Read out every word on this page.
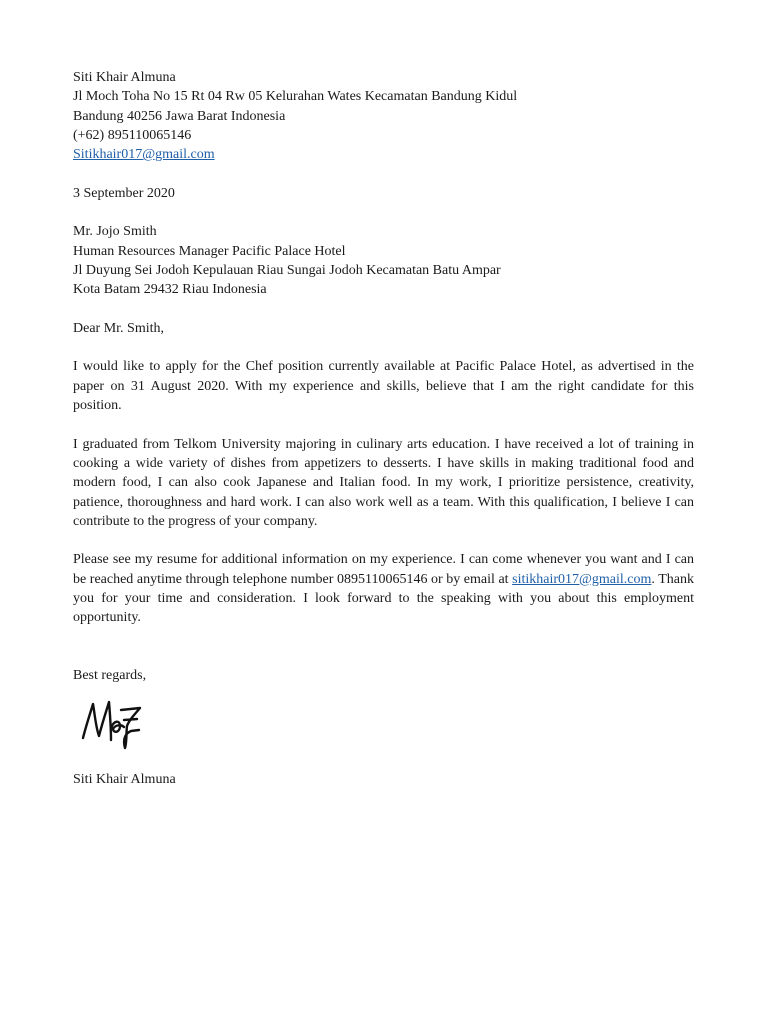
Siti Khair Almuna
Jl Moch Toha No 15 Rt 04 Rw 05 Kelurahan Wates Kecamatan Bandung Kidul
Bandung 40256 Jawa Barat Indonesia
(+62) 895110065146
Sitikhair017@gmail.com
3 September 2020
Mr. Jojo Smith
Human Resources Manager Pacific Palace Hotel
Jl Duyung Sei Jodoh Kepulauan Riau Sungai Jodoh Kecamatan Batu Ampar
Kota Batam 29432 Riau Indonesia
Dear Mr. Smith,

I would like to apply for the Chef position currently available at Pacific Palace Hotel, as advertised in the paper on 31 August 2020. With my experience and skills, believe that I am the right candidate for this position.

I graduated from Telkom University majoring in culinary arts education. I have received a lot of training in cooking a wide variety of dishes from appetizers to desserts. I have skills in making traditional food and modern food, I can also cook Japanese and Italian food. In my work, I prioritize persistence, creativity, patience, thoroughness and hard work. I can also work well as a team. With this qualification, I believe I can contribute to the progress of your company.

Please see my resume for additional information on my experience. I can come whenever you want and I can be reached anytime through telephone number 0895110065146 or by email at sitikhair017@gmail.com. Thank you for your time and consideration. I look forward to the speaking with you about this employment opportunity.

Best regards,
Siti Khair Almuna
